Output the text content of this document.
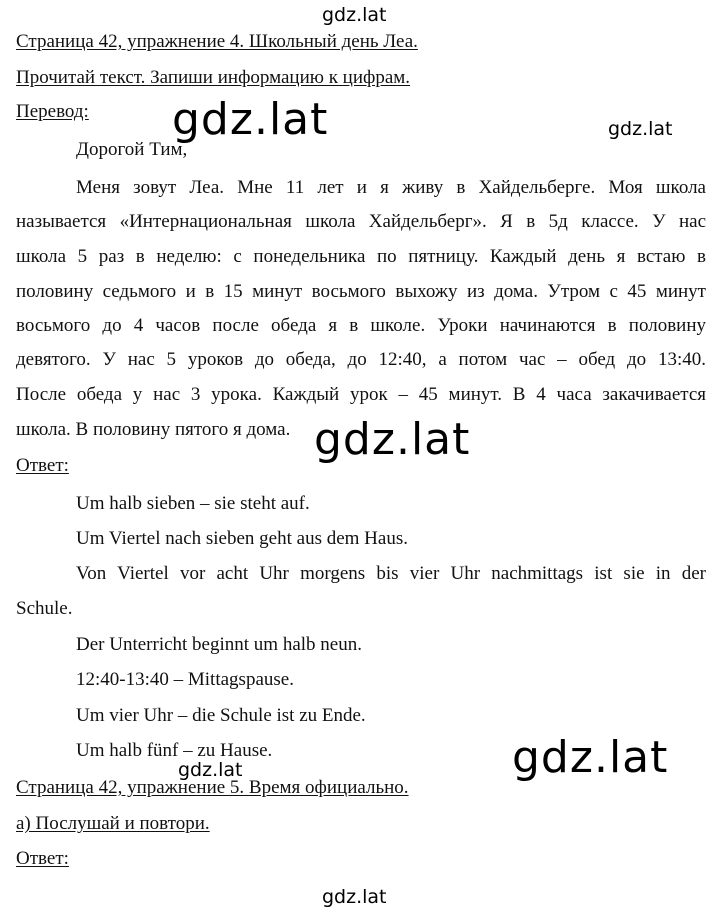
gdz.lat
gdz.lat	gdz.lat
gdz.lat
gdz.lat
gdz.lat
gdz.lat
Страница 42, упражнение 4. Школьный день Леа.
Прочитай текст. Запиши информацию к цифрам.
Перевод:
Дорогой Тим,
Меня зовут Леа. Мне 11 лет и я живу в Хайдельберге. Моя школа
называется «Интернациональная школа Хайдельберг». Я в 5д классе. У нас
школа 5 раз в неделю: с понедельника по пятницу. Каждый день я встаю в
половину седьмого и в 15 минут восьмого выхожу из дома. Утром с 45 минут
восьмого до 4 часов после обеда я в школе. Уроки начинаются в половину
девятого. У нас 5 уроков до обеда, до 12:40, а потом час – обед до 13:40.
После обеда у нас 3 урока. Каждый урок – 45 минут. В 4 часа закачивается
школа. В половину пятого я дома.
Ответ:
Um halb sieben – sie steht auf.
Um Viertel nach sieben geht aus dem Haus.
Von Viertel vor acht Uhr morgens bis vier Uhr nachmittags ist sie in der
Schule.
Der Unterricht beginnt um halb neun.
12:40-13:40 – Mittagspause.
Um vier Uhr – die Schule ist zu Ende.
Um halb fünf – zu Hause.
Страница 42, упражнение 5. Время официально.
а) Послушай и повтори.
Ответ:
